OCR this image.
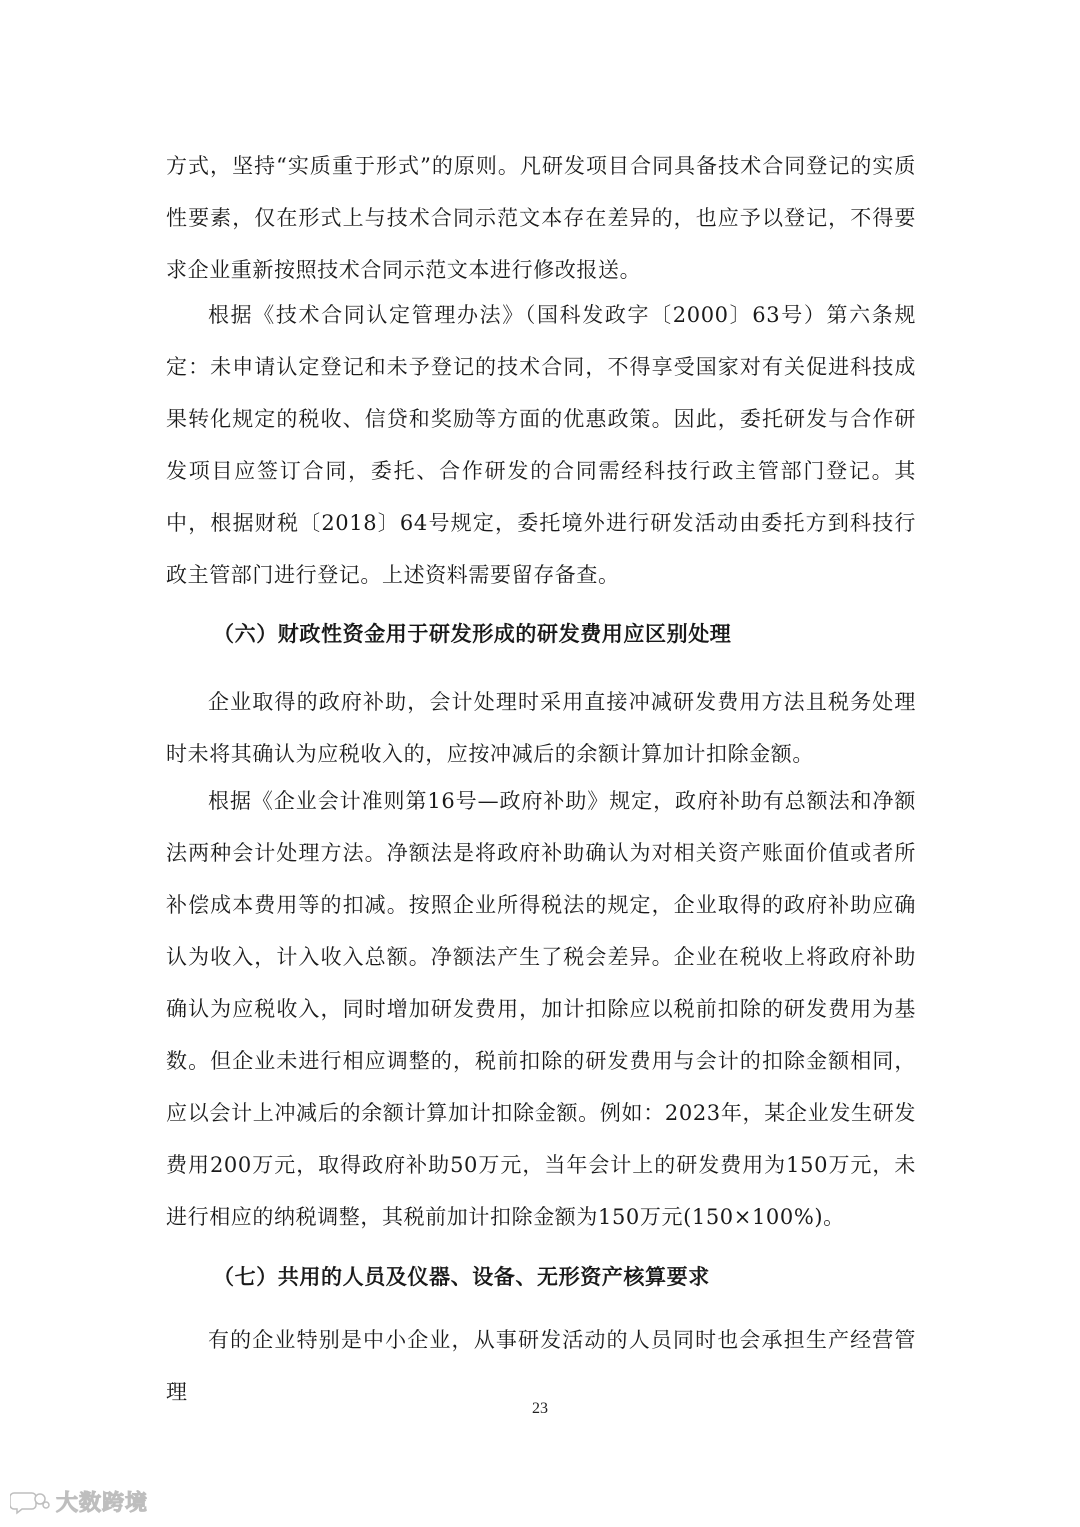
方式，坚持“实质重于形式”的原则。凡研发项目合同具备技术合同登记的实质性要素，仅在形式上与技术合同示范文本存在差异的，也应予以登记，不得要求企业重新按照技术合同示范文本进行修改报送。

根据《技术合同认定管理办法》（国科发政字〔2000〕63号）第六条规定：未申请认定登记和未予登记的技术合同，不得享受国家对有关促进科技成果转化规定的税收、信贷和奖励等方面的优惠政策。因此，委托研发与合作研发项目应签订合同，委托、合作研发的合同需经科技行政主管部门登记。其中，根据财税〔2018〕64号规定，委托境外进行研发活动由委托方到科技行政主管部门进行登记。上述资料需要留存备查。

（六）财政性资金用于研发形成的研发费用应区别处理

企业取得的政府补助，会计处理时采用直接冲减研发费用方法且税务处理时未将其确认为应税收入的，应按冲减后的余额计算加计扣除金额。

根据《企业会计准则第16号—政府补助》规定，政府补助有总额法和净额法两种会计处理方法。净额法是将政府补助确认为对相关资产账面价值或者所补偿成本费用等的扣减。按照企业所得税法的规定，企业取得的政府补助应确认为收入，计入收入总额。净额法产生了税会差异。企业在税收上将政府补助确认为应税收入，同时增加研发费用，加计扣除应以税前扣除的研发费用为基数。但企业未进行相应调整的，税前扣除的研发费用与会计的扣除金额相同，应以会计上冲减后的余额计算加计扣除金额。例如：2023年，某企业发生研发费用200万元，取得政府补助50万元，当年会计上的研发费用为150万元，未进行相应的纳税调整，其税前加计扣除金额为150万元(150×100%)。

（七）共用的人员及仪器、设备、无形资产核算要求

有的企业特别是中小企业，从事研发活动的人员同时也会承担生产经营管理

23
大数跨境
